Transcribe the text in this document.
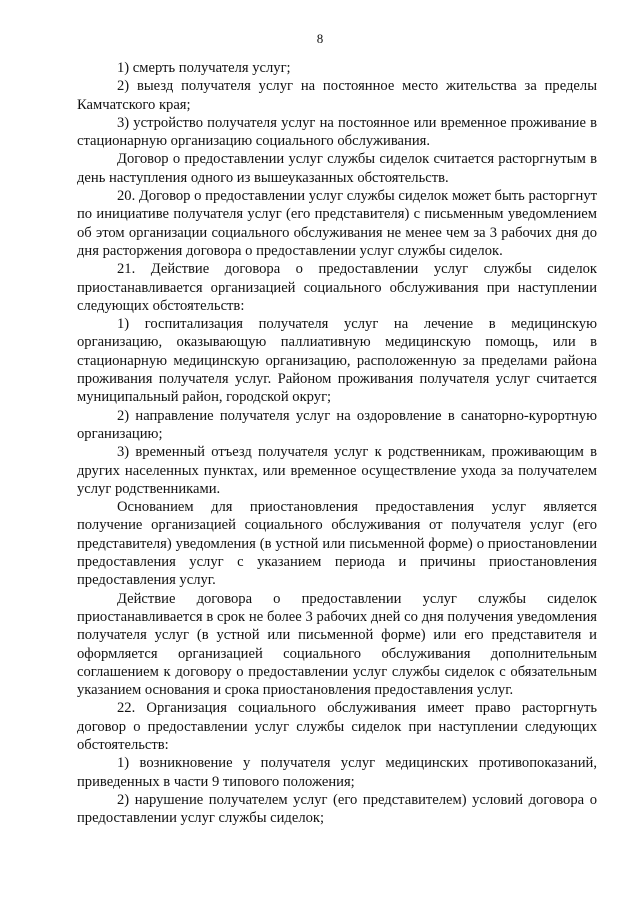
8

1) смерть получателя услуг;

2) выезд получателя услуг на постоянное место жительства за пределы Камчатского края;

3) устройство получателя услуг на постоянное или временное проживание в стационарную организацию социального обслуживания.

Договор о предоставлении услуг службы сиделок считается расторгнутым в день наступления одного из вышеуказанных обстоятельств.

20. Договор о предоставлении услуг службы сиделок может быть расторгнут по инициативе получателя услуг (его представителя) с письменным уведомлением об этом организации социального обслуживания не менее чем за 3 рабочих дня до дня расторжения договора о предоставлении услуг службы сиделок.

21. Действие договора о предоставлении услуг службы сиделок приостанавливается организацией социального обслуживания при наступлении следующих обстоятельств:

1) госпитализация получателя услуг на лечение в медицинскую организацию, оказывающую паллиативную медицинскую помощь, или в стационарную медицинскую организацию, расположенную за пределами района проживания получателя услуг. Районом проживания получателя услуг считается муниципальный район, городской округ;

2) направление получателя услуг на оздоровление в санаторно-курортную организацию;

3) временный отъезд получателя услуг к родственникам, проживающим в других населенных пунктах, или временное осуществление ухода за получателем услуг родственниками.

Основанием для приостановления предоставления услуг является получение организацией социального обслуживания от получателя услуг (его представителя) уведомления (в устной или письменной форме) о приостановлении предоставления услуг с указанием периода и причины приостановления предоставления услуг.

Действие договора о предоставлении услуг службы сиделок приостанавливается в срок не более 3 рабочих дней со дня получения уведомления получателя услуг (в устной или письменной форме) или его представителя и оформляется организацией социального обслуживания дополнительным соглашением к договору о предоставлении услуг службы сиделок с обязательным указанием основания и срока приостановления предоставления услуг.

22. Организация социального обслуживания имеет право расторгнуть договор о предоставлении услуг службы сиделок при наступлении следующих обстоятельств:

1) возникновение у получателя услуг медицинских противопоказаний, приведенных в части 9 типового положения;

2) нарушение получателем услуг (его представителем) условий договора о предоставлении услуг службы сиделок;
